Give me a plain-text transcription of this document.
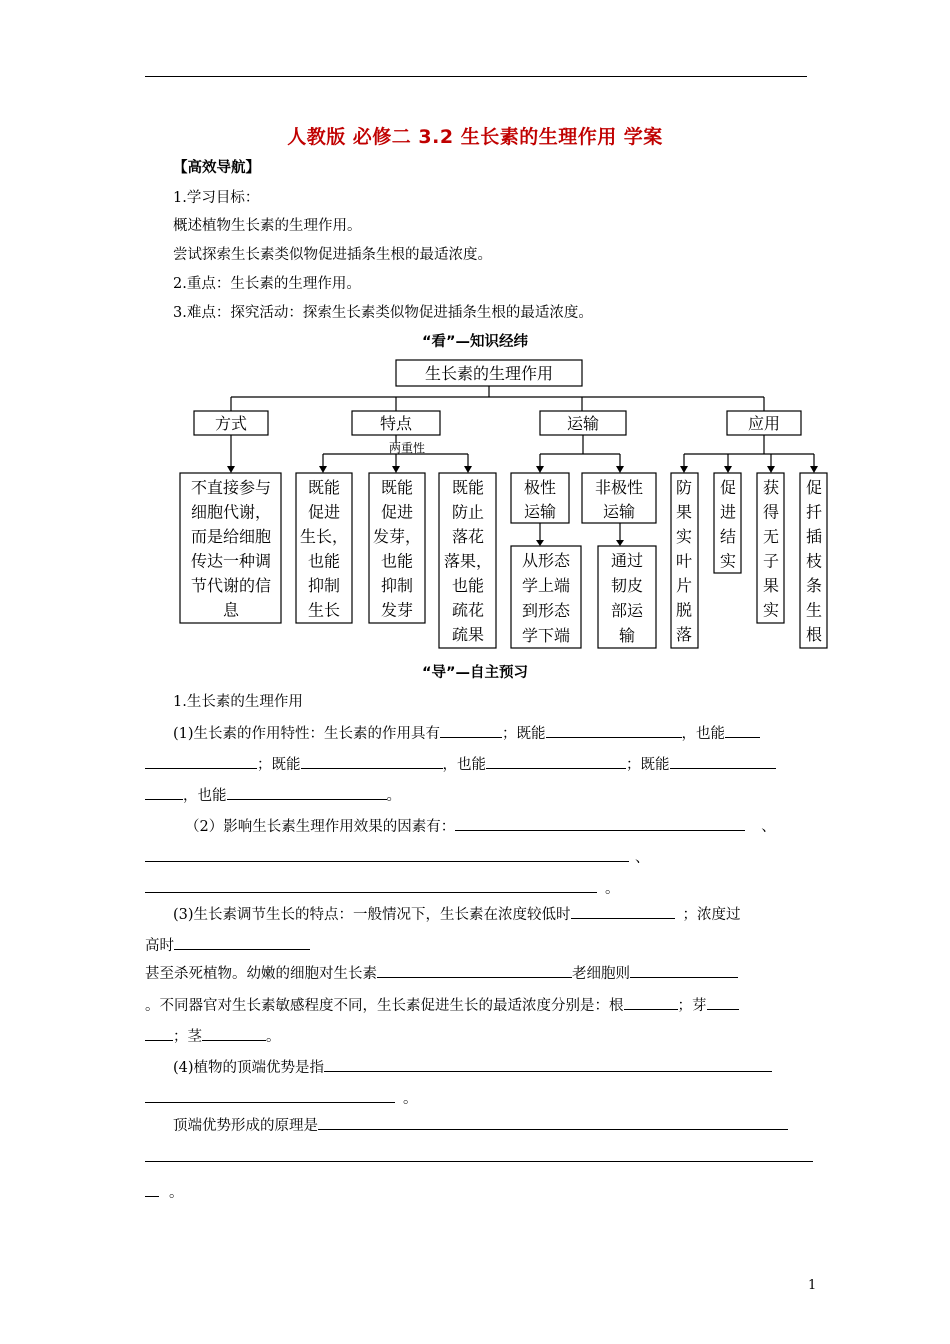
人教版 必修二 3.2 生长素的生理作用 学案
【高效导航】
1.学习目标：
概述植物生长素的生理作用。
尝试探索生长素类似物促进插条生根的最适浓度。
2.重点：生长素的生理作用。
3.难点：探究活动：探索生长素类似物促进插条生根的最适浓度。
“看”—知识经纬
生长素的生理作用
方式	特点	运输	应用
不直接参与
细胞代谢，
而是给细胞
传达一种调
节代谢的信
息
两重性
既能
促进
生长，
也能
抑制
生长
既能
促进
发芽，
也能
抑制
发芽
既能
防止
落花
落果，
也能
疏花
疏果
极性
运输
非极性
运输
从形态
学上端
到形态
学下端
通过
韧皮
部运
输
防
果
实
叶
片
脱
落
促
进
结
实
获
得
无
子
果
实
促
扦
插
枝
条
生
根
“导”—自主预习
1.生长素的生理作用
(1)生长素的作用特性：生长素的作用具有	；既能	，也能
；既能	，也能	；既能
，也能	。
（2）影响生长素生理作用效果的因素有：	、
、
。
(3)生长素调节生长的特点：一般情况下，生长素在浓度较低时	；浓度过
高时
甚至杀死植物。幼嫩的细胞对生长素	老细胞则
。不同器官对生长素敏感程度不同，生长素促进生长的最适浓度分别是：根	；芽
；茎	。
(4)植物的顶端优势是指
。
顶端优势形成的原理是
。
1
